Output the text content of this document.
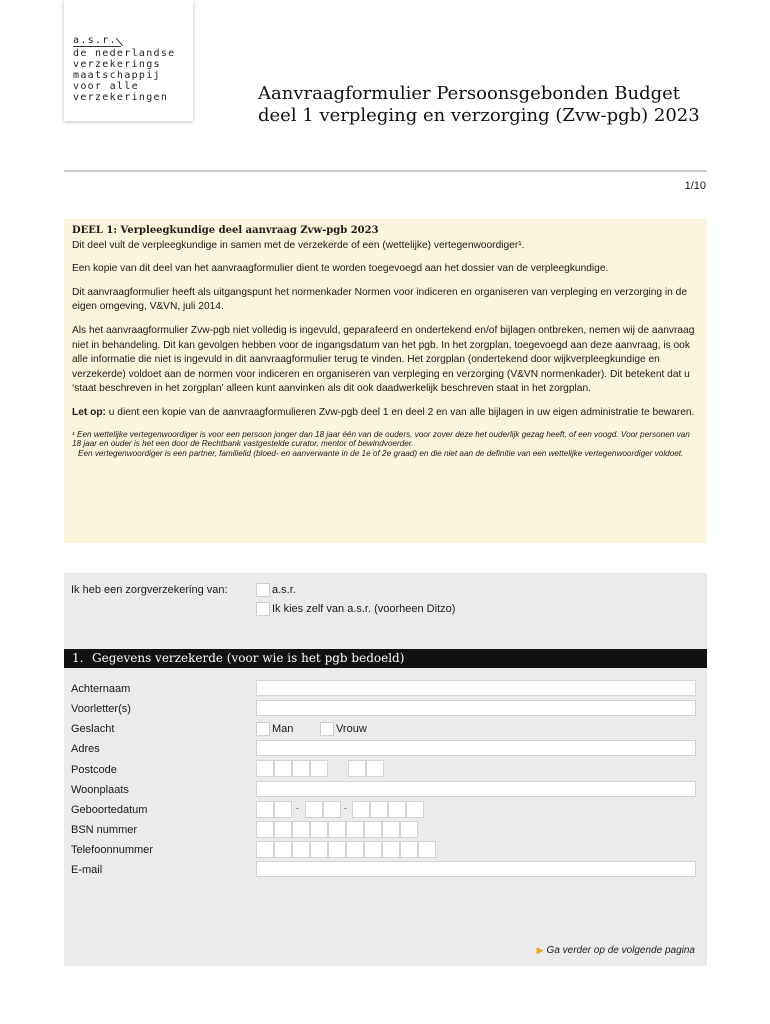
a.s.r.
de nederlandse
verzekerings
maatschappij
voor alle
verzekeringen	Aanvraagformulier Persoonsgebonden Budget
deel 1 verpleging en verzorging (Zvw-pgb) 2023
1/10

DEEL 1: Verpleegkundige deel aanvraag Zvw-pgb 2023
Dit deel vult de verpleegkundige in samen met de verzekerde of een (wettelijke) vertegenwoordiger¹.

Een kopie van dit deel van het aanvraagformulier dient te worden toegevoegd aan het dossier van de verpleegkundige.

Dit aanvraagformulier heeft als uitgangspunt het normenkader Normen voor indiceren en organiseren van verpleging en verzorging in de eigen omgeving, V&VN, juli 2014.

Als het aanvraagformulier Zvw-pgb niet volledig is ingevuld, geparafeerd en ondertekend en/of bijlagen ontbreken, nemen wij de aanvraag niet in behandeling. Dit kan gevolgen hebben voor de ingangsdatum van het pgb. In het zorgplan, toegevoegd aan deze aanvraag, is ook alle informatie die niet is ingevuld in dit aanvraagformulier terug te vinden. Het zorgplan (ondertekend door wijkverpleegkundige en verzekerde) voldoet aan de normen voor indiceren en organiseren van verpleging en verzorging (V&VN normenkader). Dit betekent dat u ‘staat beschreven in het zorgplan’ alleen kunt aanvinken als dit ook daadwerkelijk beschreven staat in het zorgplan.

Let op: u dient een kopie van de aanvraagformulieren Zvw-pgb deel 1 en deel 2 en van alle bijlagen in uw eigen administratie te bewaren.

¹ Een wettelijke vertegenwoordiger is voor een persoon jonger dan 18 jaar één van de ouders, voor zover deze het ouderlijk gezag heeft, of een voogd. Voor personen van 18 jaar en ouder is het een door de Rechtbank vastgestelde curator, mentor of bewindvoerder.
Een vertegenwoordiger is een partner, familielid (bloed- en aanverwante in de 1e of 2e graad) en die niet aan de definitie van een wettelijke vertegenwoordiger voldoet.
Ik heb een zorgverzekering van:	a.s.r.
Ik kies zelf van a.s.r. (voorheen Ditzo)
1. Gegevens verzekerde (voor wie is het pgb bedoeld)
Achternaam
Voorletter(s)
Geslacht	Man	Vrouw
Adres
Postcode
Woonplaats
Geboortedatum	-	-
BSN nummer
Telefoonnummer
E-mail
▶ Ga verder op de volgende pagina
